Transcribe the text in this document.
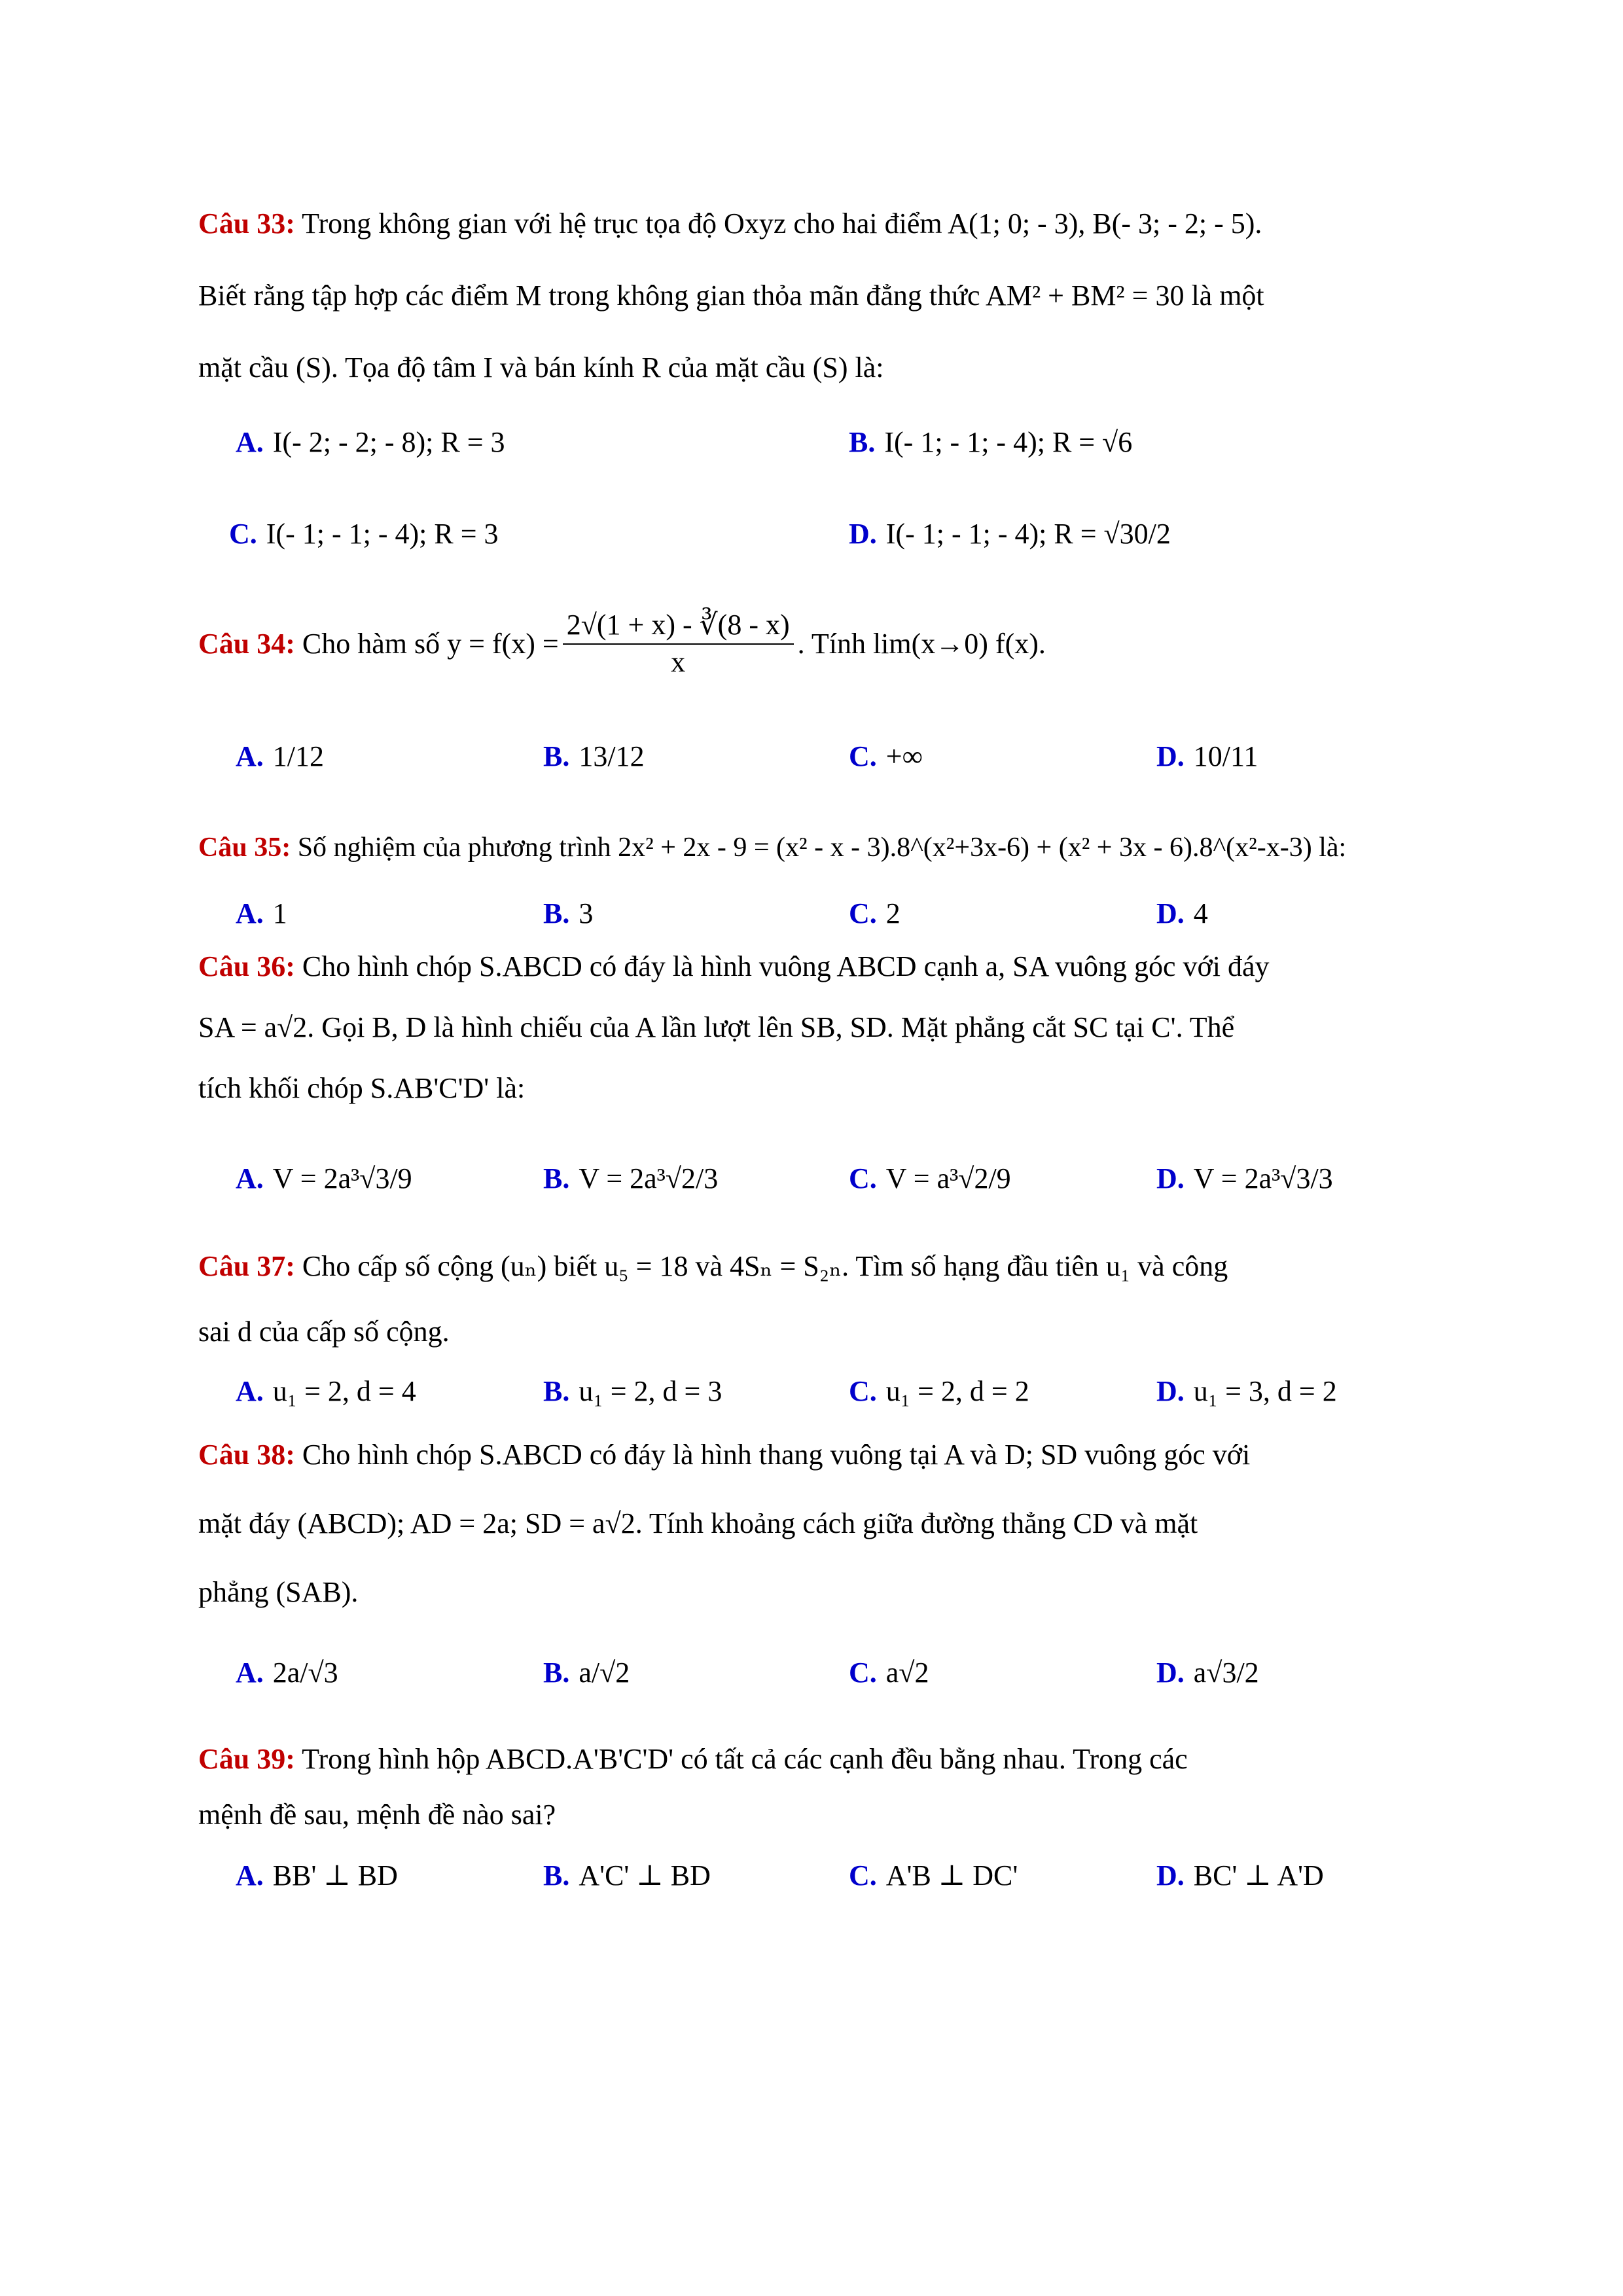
Câu 33: Trong không gian với hệ trục tọa độ Oxyz cho hai điểm A(1; 0; - 3), B(- 3; - 2; - 5).
Biết rằng tập hợp các điểm M trong không gian thỏa mãn đẳng thức AM² + BM² = 30 là một
mặt cầu (S). Tọa độ tâm I và bán kính R của mặt cầu (S) là:
A. I(- 2; - 2; - 8); R = 3	B. I(- 1; - 1; - 4); R = √6
C. I(- 1; - 1; - 4); R = 3	D. I(- 1; - 1; - 4); R = √30/2
Câu 34:
Cho hàm số $y = f(x) = \frac{2√(1 + x) - ∛(8 - x)}{x}$ . Tính lim(x→0) f(x).
A. 1/12	B. 13/12	C. +∞	D. 10/11
Câu 35: Số nghiệm của phương trình 2x² + 2x - 9 = (x² - x - 3).8^(x²+3x-6) + (x² + 3x - 6).8^(x²-x-3) là:
A. 1	B. 3	C. 2	D. 4
Câu 36: Cho hình chóp S.ABCD có đáy là hình vuông ABCD cạnh a, SA vuông góc với đáy
SA = a√2. Gọi B, D là hình chiếu của A lần lượt lên SB, SD. Mặt phẳng cắt SC tại C'. Thể
tích khối chóp S.AB'C'D' là:
A. V = 2a³√3/9	B. V = 2a³√2/3	C. V = a³√2/9	D. V = 2a³√3/3
Câu 37: Cho cấp số cộng (uₙ) biết u₅ = 18 và 4Sₙ = S₂ₙ. Tìm số hạng đầu tiên u₁ và công
sai d của cấp số cộng.
A. u₁ = 2, d = 4	B. u₁ = 2, d = 3	C. u₁ = 2, d = 2	D. u₁ = 3, d = 2
Câu 38: Cho hình chóp S.ABCD có đáy là hình thang vuông tại A và D; SD vuông góc với
mặt đáy (ABCD); AD = 2a; SD = a√2. Tính khoảng cách giữa đường thẳng CD và mặt
phẳng (SAB).
A. 2a/√3	B. a/√2	C. a√2	D. a√3/2
Câu 39: Trong hình hộp ABCD.A'B'C'D' có tất cả các cạnh đều bằng nhau. Trong các
mệnh đề sau, mệnh đề nào sai?
A. BB' ⊥ BD	B. A'C' ⊥ BD	C. A'B ⊥ DC'	D. BC' ⊥ A'D
